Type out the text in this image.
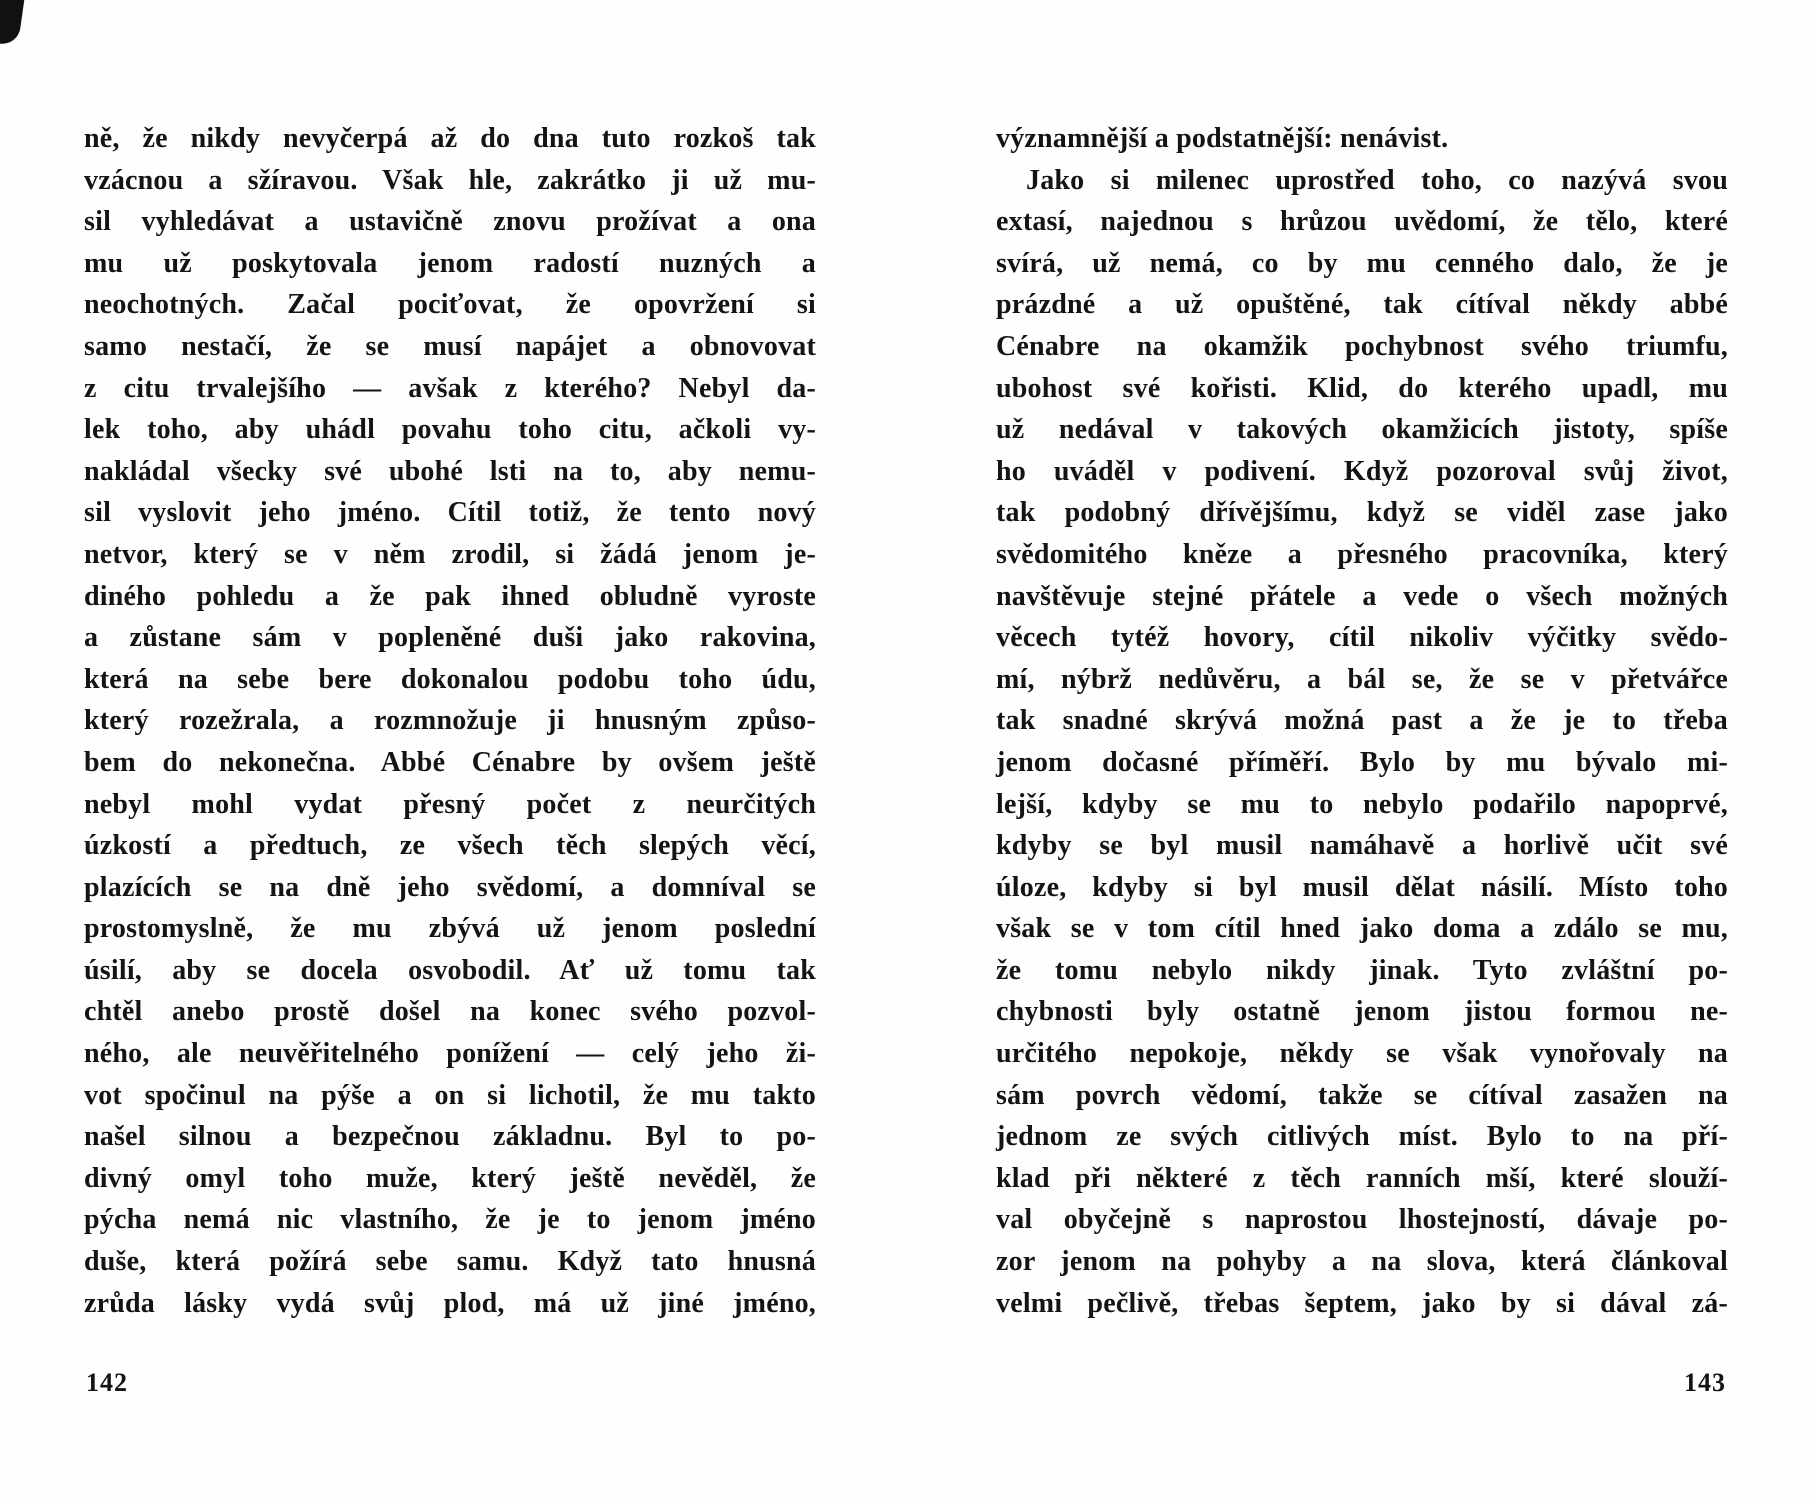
ně, že nikdy nevyčerpá až do dna tuto rozkoš tak
vzácnou a sžíravou. Však hle, zakrátko ji už mu-
sil vyhledávat a ustavičně znovu prožívat a ona
mu už poskytovala jenom radostí nuzných a
neochotných. Začal pociťovat, že opovržení si
samo nestačí, že se musí napájet a obnovovat
z citu trvalejšího — avšak z kterého? Nebyl da-
lek toho, aby uhádl povahu toho citu, ačkoli vy-
nakládal všecky své ubohé lsti na to, aby nemu-
sil vyslovit jeho jméno. Cítil totiž, že tento nový
netvor, který se v něm zrodil, si žádá jenom je-
diného pohledu a že pak ihned obludně vyroste
a zůstane sám v popleněné duši jako rakovina,
která na sebe bere dokonalou podobu toho údu,
který rozežrala, a rozmnožuje ji hnusným způso-
bem do nekonečna. Abbé Cénabre by ovšem ještě
nebyl mohl vydat přesný počet z neurčitých
úzkostí a předtuch, ze všech těch slepých věcí,
plazících se na dně jeho svědomí, a domníval se
prostomyslně, že mu zbývá už jenom poslední
úsilí, aby se docela osvobodil. Ať už tomu tak
chtěl anebo prostě došel na konec svého pozvol-
ného, ale neuvěřitelného ponížení — celý jeho ži-
vot spočinul na pýše a on si lichotil, že mu takto
našel silnou a bezpečnou základnu. Byl to po-
divný omyl toho muže, který ještě nevěděl, že
pýcha nemá nic vlastního, že je to jenom jméno
duše, která požírá sebe samu. Když tato hnusná
zrůda lásky vydá svůj plod, má už jiné jméno,
významnější a podstatnější: nenávist.
Jako si milenec uprostřed toho, co nazývá svou
extasí, najednou s hrůzou uvědomí, že tělo, které
svírá, už nemá, co by mu cenného dalo, že je
prázdné a už opuštěné, tak cítíval někdy abbé
Cénabre na okamžik pochybnost svého triumfu,
ubohost své kořisti. Klid, do kterého upadl, mu
už nedával v takových okamžicích jistoty, spíše
ho uváděl v podivení. Když pozoroval svůj život,
tak podobný dřívějšímu, když se viděl zase jako
svědomitého kněze a přesného pracovníka, který
navštěvuje stejné přátele a vede o všech možných
věcech tytéž hovory, cítil nikoliv výčitky svědo-
mí, nýbrž nedůvěru, a bál se, že se v přetvářce
tak snadné skrývá možná past a že je to třeba
jenom dočasné příměří. Bylo by mu bývalo mi-
lejší, kdyby se mu to nebylo podařilo napoprvé,
kdyby se byl musil namáhavě a horlivě učit své
úloze, kdyby si byl musil dělat násilí. Místo toho
však se v tom cítil hned jako doma a zdálo se mu,
že tomu nebylo nikdy jinak. Tyto zvláštní po-
chybnosti byly ostatně jenom jistou formou ne-
určitého nepokoje, někdy se však vynořovaly na
sám povrch vědomí, takže se cítíval zasažen na
jednom ze svých citlivých míst. Bylo to na pří-
klad při některé z těch ranních mší, které slouží-
val obyčejně s naprostou lhostejností, dávaje po-
zor jenom na pohyby a na slova, která článkoval
velmi pečlivě, třebas šeptem, jako by si dával zá-
142	143
